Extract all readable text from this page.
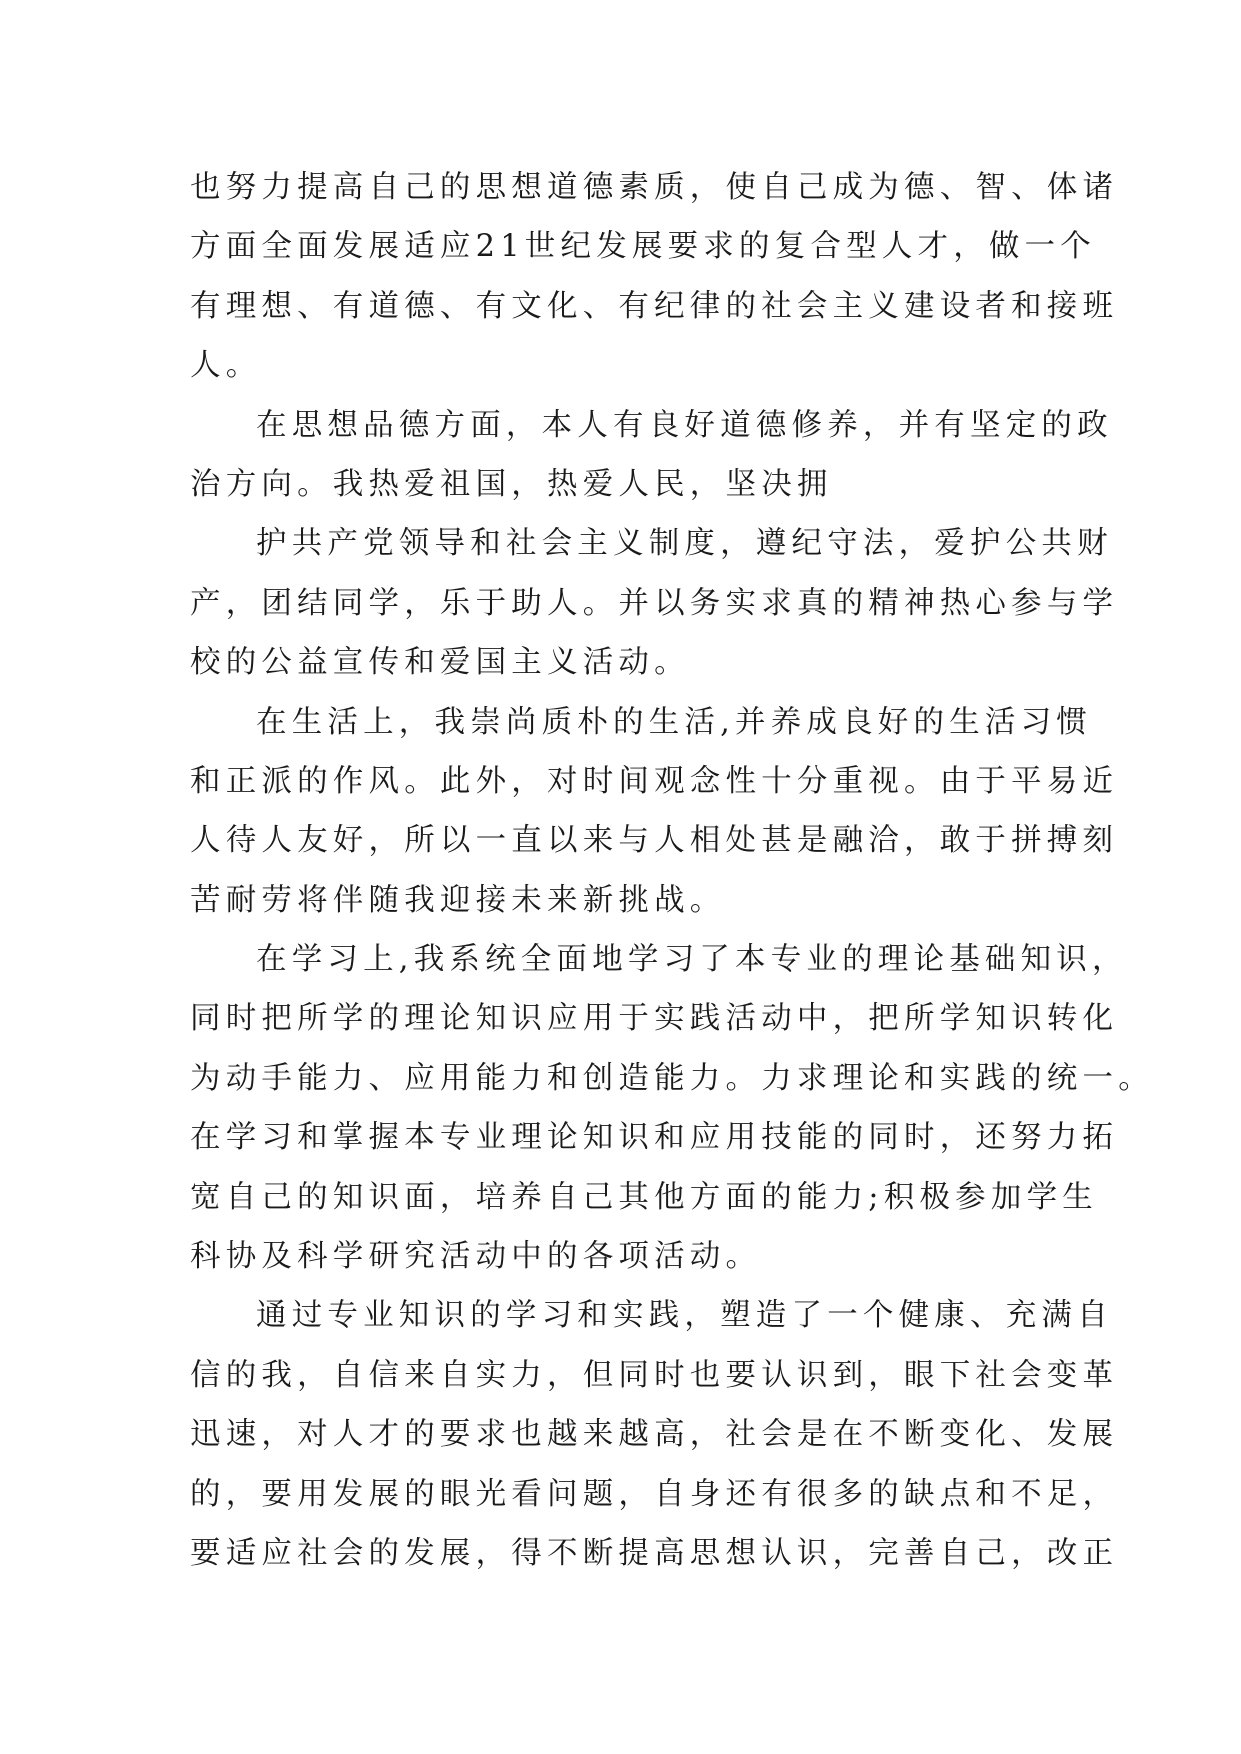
也努力提高自己的思想道德素质，使自己成为德、智、体诸
方面全面发展适应21世纪发展要求的复合型人才，做一个
有理想、有道德、有文化、有纪律的社会主义建设者和接班
人。
在思想品德方面，本人有良好道德修养，并有坚定的政
治方向。我热爱祖国，热爱人民，坚决拥
护共产党领导和社会主义制度，遵纪守法，爱护公共财
产，团结同学，乐于助人。并以务实求真的精神热心参与学
校的公益宣传和爱国主义活动。
在生活上，我崇尚质朴的生活,并养成良好的生活习惯
和正派的作风。此外，对时间观念性十分重视。由于平易近
人待人友好，所以一直以来与人相处甚是融洽，敢于拼搏刻
苦耐劳将伴随我迎接未来新挑战。
在学习上,我系统全面地学习了本专业的理论基础知识，
同时把所学的理论知识应用于实践活动中，把所学知识转化
为动手能力、应用能力和创造能力。力求理论和实践的统一。
在学习和掌握本专业理论知识和应用技能的同时，还努力拓
宽自己的知识面，培养自己其他方面的能力;积极参加学生
科协及科学研究活动中的各项活动。
通过专业知识的学习和实践，塑造了一个健康、充满自
信的我，自信来自实力，但同时也要认识到，眼下社会变革
迅速，对人才的要求也越来越高，社会是在不断变化、发展
的，要用发展的眼光看问题，自身还有很多的缺点和不足，
要适应社会的发展，得不断提高思想认识，完善自己，改正
